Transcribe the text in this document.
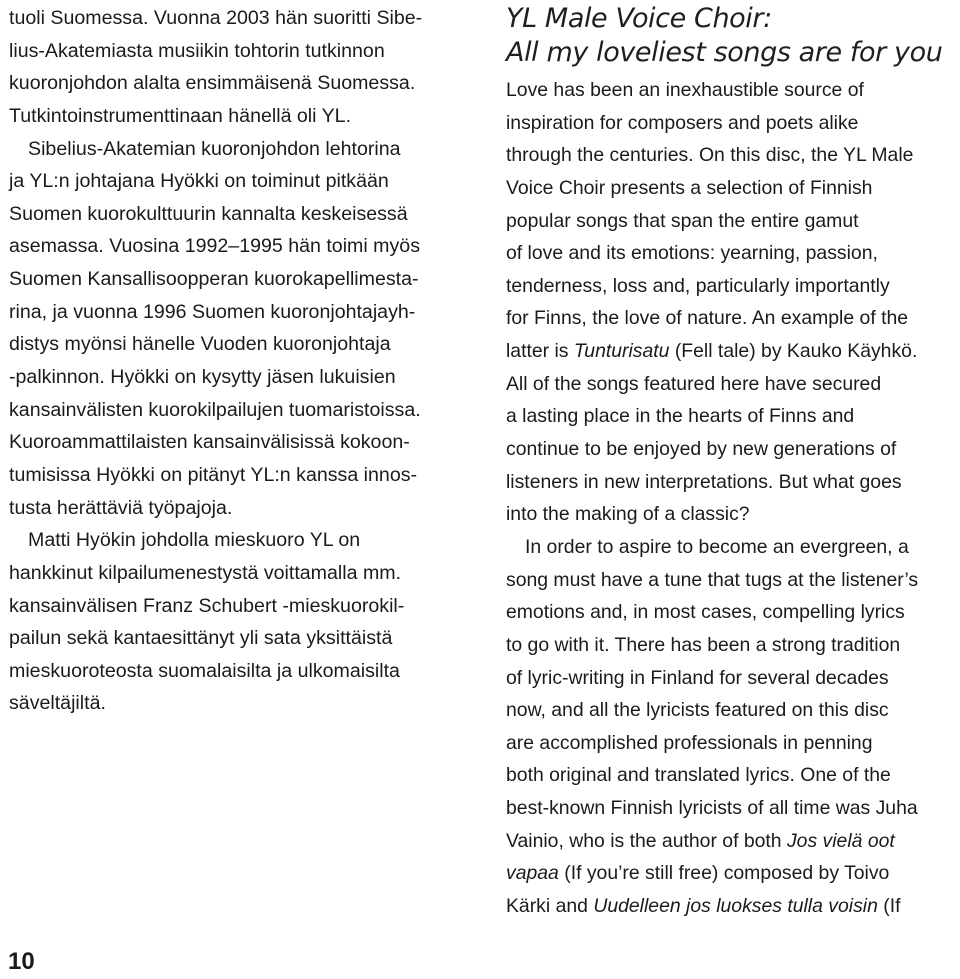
tuoli Suomessa. Vuonna 2003 hän suoritti Sibe-
lius-Akatemiasta musiikin tohtorin tutkinnon
kuoronjohdon alalta ensimmäisenä Suomessa.
Tutkintoinstrumenttinaan hänellä oli YL.
Sibelius-Akatemian kuoronjohdon lehtorina
ja YL:n johtajana Hyökki on toiminut pitkään
Suomen kuorokulttuurin kannalta keskeisessä
asemassa. Vuosina 1992–1995 hän toimi myös
Suomen Kansallisoopperan kuorokapellimesta-
rina, ja vuonna 1996 Suomen kuoronjohtajayh-
distys myönsi hänelle Vuoden kuoronjohtaja
-palkinnon. Hyökki on kysytty jäsen lukuisien
kansainvälisten kuorokilpailujen tuomaristoissa.
Kuoroammattilaisten kansainvälisissä kokoon-
tumisissa Hyökki on pitänyt YL:n kanssa innos-
tusta herättäviä työpajoja.
Matti Hyökin johdolla mieskuoro YL on
hankkinut kilpailumenestystä voittamalla mm.
kansainvälisen Franz Schubert -mieskuorokil-
pailun sekä kantaesittänyt yli sata yksittäistä
mieskuoroteosta suomalaisilta ja ulkomaisilta
säveltäjiltä.
YL Male Voice Choir:
All my loveliest songs are for you
Love has been an inexhaustible source of
inspiration for composers and poets alike
through the centuries. On this disc, the YL Male
Voice Choir presents a selection of Finnish
popular songs that span the entire gamut
of love and its emotions: yearning, passion,
tenderness, loss and, particularly importantly
for Finns, the love of nature. An example of the
latter is Tunturisatu (Fell tale) by Kauko Käyhkö.
All of the songs featured here have secured
a lasting place in the hearts of Finns and
continue to be enjoyed by new generations of
listeners in new interpretations. But what goes
into the making of a classic?
In order to aspire to become an evergreen, a
song must have a tune that tugs at the listener’s
emotions and, in most cases, compelling lyrics
to go with it. There has been a strong tradition
of lyric-writing in Finland for several decades
now, and all the lyricists featured on this disc
are accomplished professionals in penning
both original and translated lyrics. One of the
best-known Finnish lyricists of all time was Juha
Vainio, who is the author of both Jos vielä oot
vapaa (If you’re still free) composed by Toivo
Kärki and Uudelleen jos luokses tulla voisin (If
10
